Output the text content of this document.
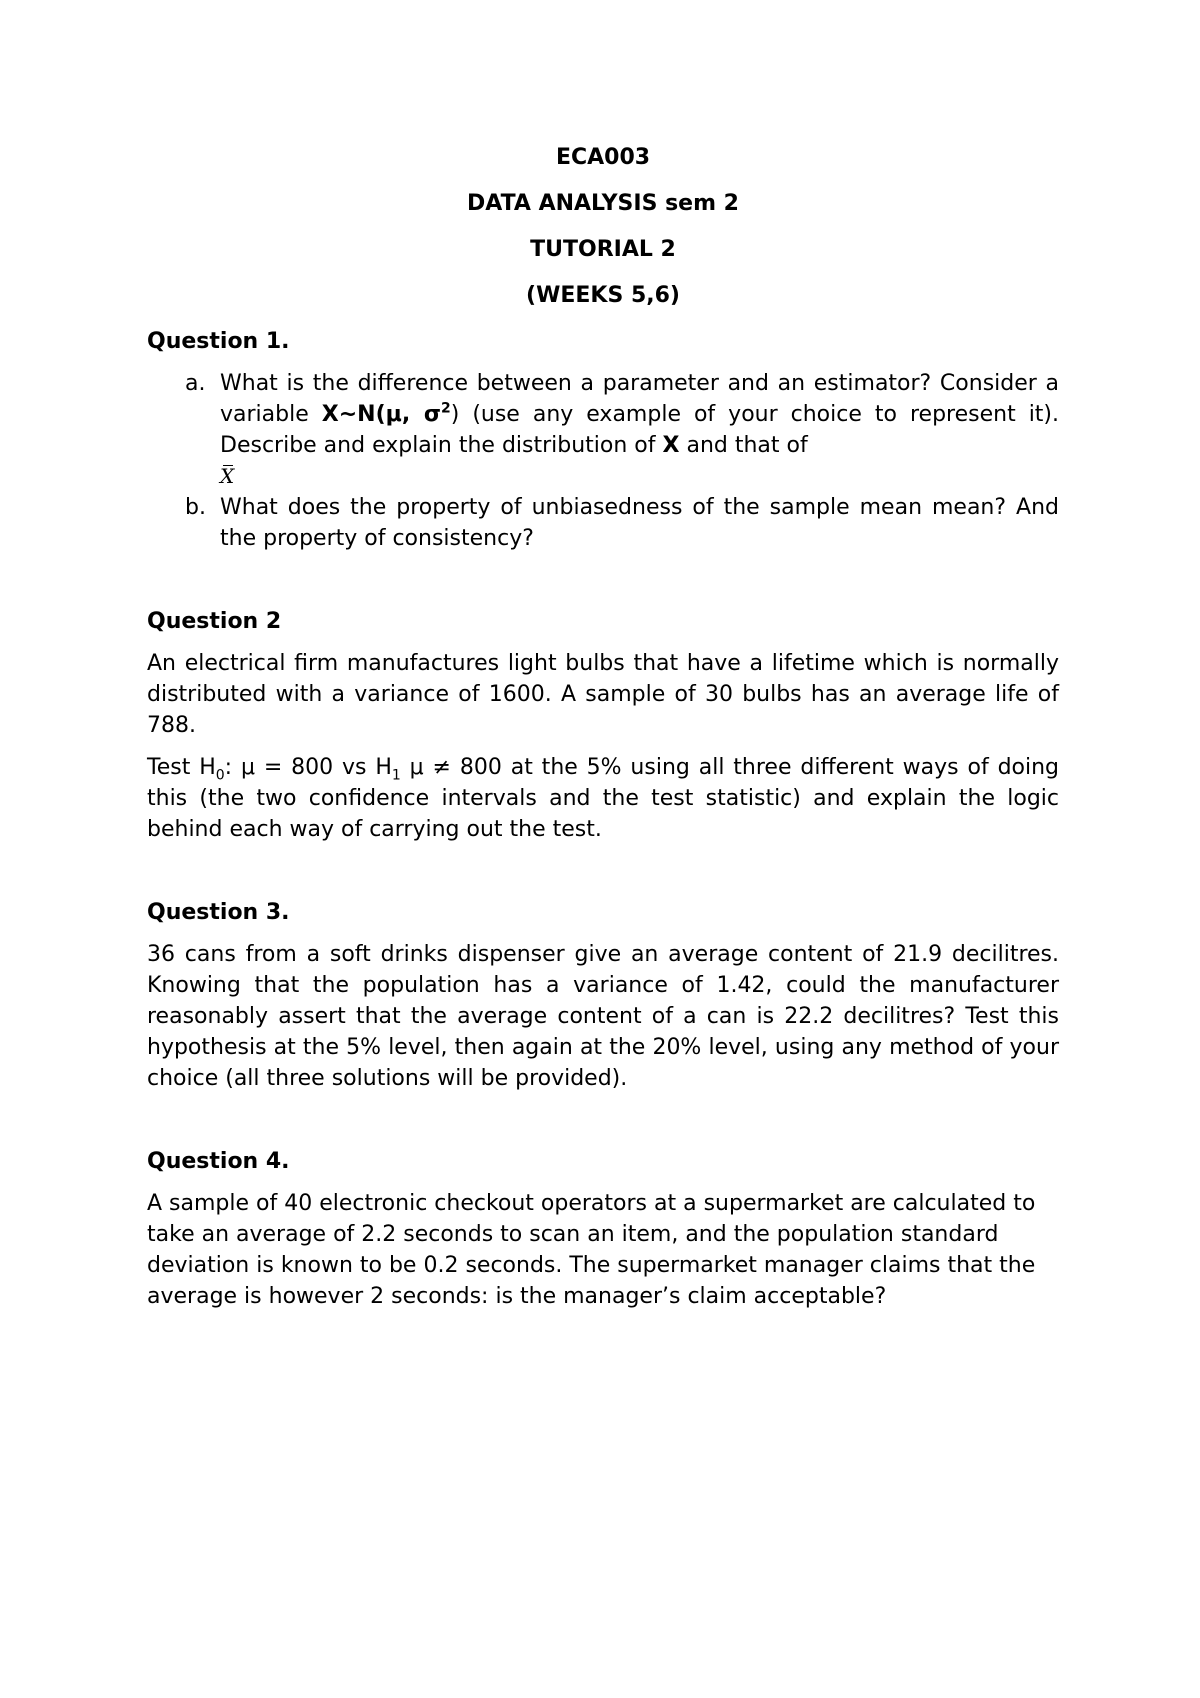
ECA003
DATA ANALYSIS sem 2
TUTORIAL 2
(WEEKS 5,6)
Question 1.
a. What is the difference between a parameter and an estimator? Consider a variable X~N(μ, $\sigma^2$) (use any example of your choice to represent it). Describe and explain the distribution of X and that of
X
b. What does the property of unbiasedness of the sample mean mean? And the property of consistency?
Question 2

An electrical firm manufactures light bulbs that have a lifetime which is normally distributed with a variance of 1600. A sample of 30 bulbs has an average life of 788.

Test $H_0$: μ = 800 vs $H_1$ μ ≠ 800 at the 5% using all three different ways of doing this (the two confidence intervals and the test statistic) and explain the logic behind each way of carrying out the test.

Question 3.

36 cans from a soft drinks dispenser give an average content of 21.9 decilitres. Knowing that the population has a variance of 1.42, could the manufacturer reasonably assert that the average content of a can is 22.2 decilitres? Test this hypothesis at the 5% level, then again at the 20% level, using any method of your choice (all three solutions will be provided).

Question 4.

A sample of 40 electronic checkout operators at a supermarket are calculated to take an average of 2.2 seconds to scan an item, and the population standard deviation is known to be 0.2 seconds. The supermarket manager claims that the average is however 2 seconds: is the manager’s claim acceptable?
